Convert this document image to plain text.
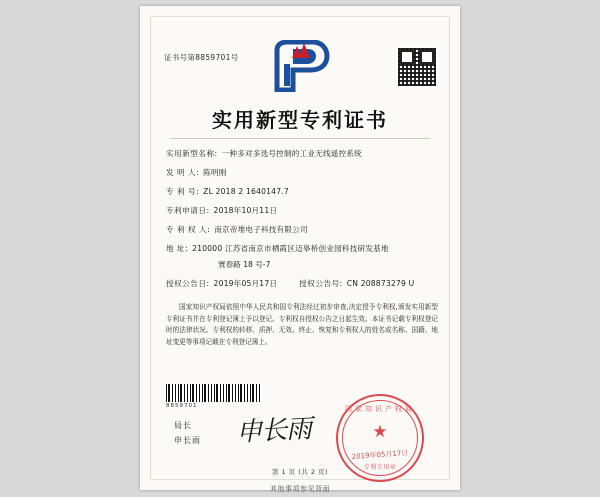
证书号第8859701号
实用新型专利证书
实用新型名称: 一种多对多选号控制的工业无线遥控系统
发 明 人: 陈明刚
专 利 号: ZL 2018 2 1640147.7
专利申请日: 2018年10月11日
专 利 权 人: 南京帝堆电子科技有限公司
地 址: 210000 江苏省南京市栖霞区迈皋桥创业园科技研发基地
寰春路 18 号-7
授权公告日: 2019年05月17日	授权公告号: CN 208873279 U

国家知识产权局依照中华人民共和国专利法经过初步审查,决定授予专利权,颁发实用新型专利证书并在专利登记簿上予以登记。专利权自授权公告之日起生效。本证书记载专利权登记时的法律状况。专利权的转移、质押、无效、终止、恢复和专利权人的姓名或名称、国籍、地址变更等事项记载在专利登记簿上。

8859701
局长
申长雨 申长雨
国家知识产权局
★
2019年05月17日
专利专用章
第 1 页 (共 2 页)
其他事项参见背面
